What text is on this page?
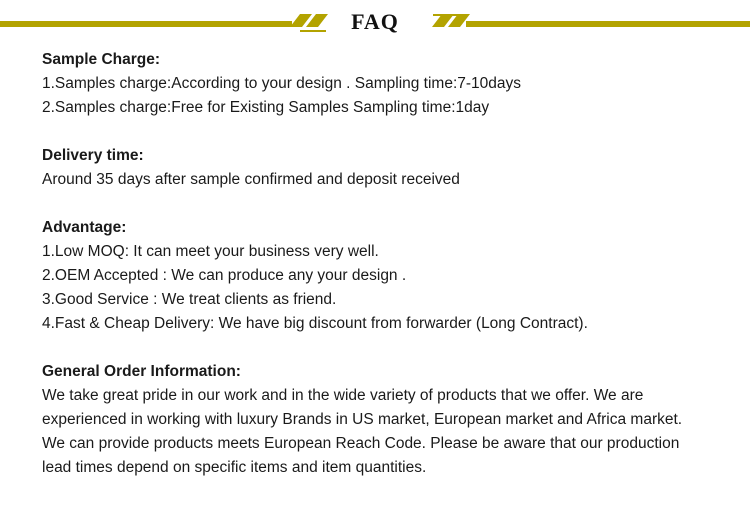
FAQ

Sample Charge:

1.Samples charge:According to your design . Sampling time:7-10days

2.Samples charge:Free for Existing Samples Sampling time:1day

Delivery time:

Around 35 days after sample confirmed and deposit received

Advantage:

1.Low MOQ: It can meet your business very well.

2.OEM Accepted : We can produce any your design .

3.Good Service : We treat clients as friend.

4.Fast & Cheap Delivery: We have big discount from forwarder (Long Contract).

General Order Information:

We take great pride in our work and in the wide variety of products that we offer. We are

experienced in working with luxury Brands in US market, European market and Africa market.

We can provide products meets European Reach Code. Please be aware that our production

lead times depend on specific items and item quantities.
